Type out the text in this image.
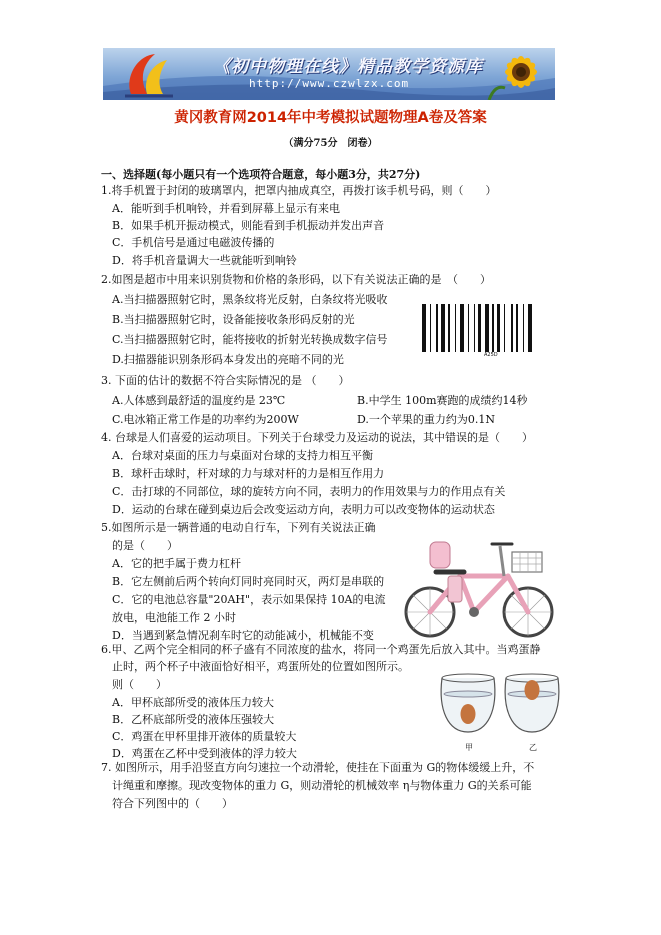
《初中物理在线》精品教学资源库
http://www.czwlzx.com
黄冈教育网2014年中考模拟试题物理A卷及答案
（满分75分　闭卷）
一、选择题(每小题只有一个选项符合题意，每小题3分，共27分)
1.将手机置于封闭的玻璃罩内，把罩内抽成真空，再拨打该手机号码，则（　　）
A．能听到手机响铃，并看到屏幕上显示有来电
B．如果手机开振动模式，则能看到手机振动并发出声音
C．手机信号是通过电磁波传播的
D．将手机音量调大一些就能听到响铃
2.如图是超市中用来识别货物和价格的条形码，以下有关说法正确的是　（　　）
A.当扫描器照射它时，黑条纹将光反射，白条纹将光吸收
B.当扫描器照射它时，设备能接收条形码反射的光
C.当扫描器照射它时，能将接收的折射光转换成数字信号
D.扫描器能识别条形码本身发出的亮暗不同的光	A25D
3. 下面的估计的数据不符合实际情况的是 （　　）
A.人体感到最舒适的温度约是 23℃	B.中学生 100m赛跑的成绩约14秒
C.电冰箱正常工作是的功率约为200W	D.一个苹果的重力约为0.1N
4. 台球是人们喜爱的运动项目。下列关于台球受力及运动的说法，其中错误的是（　　）
A．台球对桌面的压力与桌面对台球的支持力相互平衡
B．球杆击球时，杆对球的力与球对杆的力是相互作用力
C．击打球的不同部位，球的旋转方向不同，表明力的作用效果与力的作用点有关
D．运动的台球在碰到桌边后会改变运动方向，表明力可以改变物体的运动状态
5.如图所示是一辆普通的电动自行车，下列有关说法正确
的是（　　）
A．它的把手属于费力杠杆
B．它左侧前后两个转向灯同时亮同时灭，两灯是串联的
C．它的电池总容量"20AH"，表示如果保持 10A的电流
放电，电池能工作 2 小时
D．当遇到紧急情况刹车时它的动能减小，机械能不变
6.甲、乙两个完全相同的杯子盛有不同浓度的盐水，将同一个鸡蛋先后放入其中。当鸡蛋静
止时，两个杯子中液面恰好相平，鸡蛋所处的位置如图所示。
则（　　）
A．甲杯底部所受的液体压力较大
B．乙杯底部所受的液体压强较大
C．鸡蛋在甲杯里排开液体的质量较大
D．鸡蛋在乙杯中受到液体的浮力较大	甲	乙
7. 如图所示，用手沿竖直方向匀速拉一个动滑轮，使挂在下面重为 G的物体缓缓上升，不
计绳重和摩擦。现改变物体的重力 G，则动滑轮的机械效率 η与物体重力 G的关系可能
符合下列图中的（　　）
